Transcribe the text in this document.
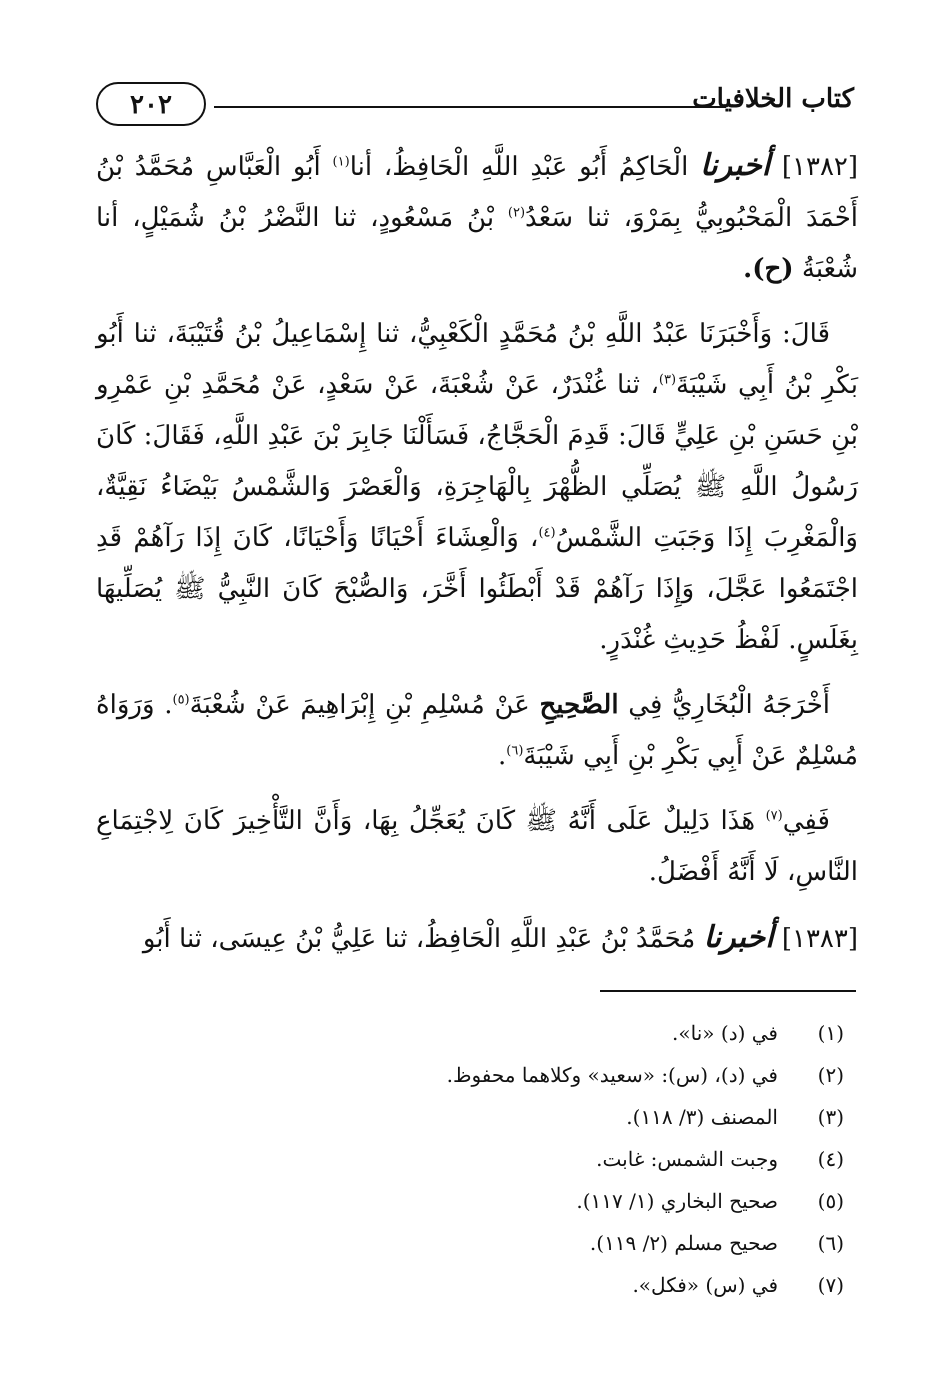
كتاب الخلافيات
٢٠٢

[١٣٨٢] أخبرنا الْحَاكِمُ أَبُو عَبْدِ اللَّهِ الْحَافِظُ، أنا$^{(١)}$ أَبُو الْعَبَّاسِ مُحَمَّدُ بْنُ أَحْمَدَ الْمَحْبُوبِيُّ بِمَرْوَ، ثنا سَعْدُ$^{(٢)}$ بْنُ مَسْعُودٍ، ثنا النَّضْرُ بْنُ شُمَيْلٍ، أنا شُعْبَةُ (ح).

قَالَ: وَأَخْبَرَنَا عَبْدُ اللَّهِ بْنُ مُحَمَّدٍ الْكَعْبِيُّ، ثنا إِسْمَاعِيلُ بْنُ قُتَيْبَةَ، ثنا أَبُو بَكْرِ بْنُ أَبِي شَيْبَةَ$^{(٣)}$، ثنا غُنْدَرٌ، عَنْ شُعْبَةَ، عَنْ سَعْدٍ، عَنْ مُحَمَّدِ بْنِ عَمْرِو بْنِ حَسَنِ بْنِ عَلِيٍّ قَالَ: قَدِمَ الْحَجَّاجُ، فَسَأَلْنَا جَابِرَ بْنَ عَبْدِ اللَّهِ، فَقَالَ: كَانَ رَسُولُ اللَّهِ ﷺ يُصَلِّي الظُّهْرَ بِالْهَاجِرَةِ، وَالْعَصْرَ وَالشَّمْسُ بَيْضَاءُ نَقِيَّةٌ، وَالْمَغْرِبَ إِذَا وَجَبَتِ الشَّمْسُ$^{(٤)}$، وَالْعِشَاءَ أَحْيَانًا وَأَحْيَانًا، كَانَ إِذَا رَآهُمْ قَدِ اجْتَمَعُوا عَجَّلَ، وَإِذَا رَآهُمْ قَدْ أَبْطَئُوا أَخَّرَ، وَالصُّبْحَ كَانَ النَّبِيُّ ﷺ يُصَلِّيهَا بِغَلَسٍ. لَفْظُ حَدِيثِ غُنْدَرٍ.

أَخْرَجَهُ الْبُخَارِيُّ فِي الصَّحِيحِ عَنْ مُسْلِمِ بْنِ إِبْرَاهِيمَ عَنْ شُعْبَةَ$^{(٥)}$. وَرَوَاهُ مُسْلِمٌ عَنْ أَبِي بَكْرِ بْنِ أَبِي شَيْبَةَ$^{(٦)}$.

فَفِي$^{(٧)}$ هَذَا دَلِيلٌ عَلَى أَنَّهُ ﷺ كَانَ يُعَجِّلُ بِهَا، وَأَنَّ التَّأْخِيرَ كَانَ لِاجْتِمَاعِ النَّاسِ، لَا أَنَّهُ أَفْضَلُ.

[١٣٨٣] أخبرنا مُحَمَّدُ بْنُ عَبْدِ اللَّهِ الْحَافِظُ، ثنا عَلِيُّ بْنُ عِيسَى، ثنا أَبُو

(١)
في (د) «نا».
(٢)
في (د)، (س): «سعيد» وكلاهما محفوظ.
(٣)
المصنف (٣/ ١١٨).
(٤)
وجبت الشمس: غابت.
(٥)
صحيح البخاري (١/ ١١٧).
(٦)
صحيح مسلم (٢/ ١١٩).
(٧)
في (س) «فكل».
